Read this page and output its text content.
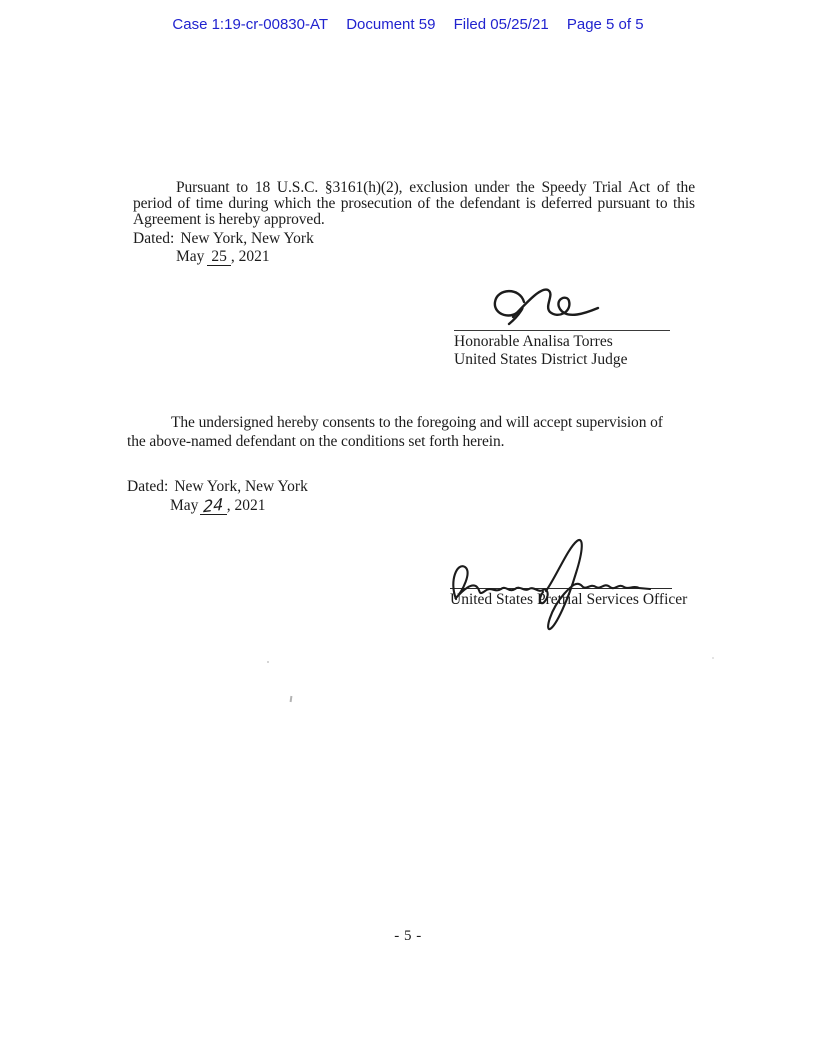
Case 1:19-cr-00830-AT Document 59 Filed 05/25/21 Page 5 of 5

Pursuant to 18 U.S.C. §3161(h)(2), exclusion under the Speedy Trial Act of the period of time during which the prosecution of the defendant is deferred pursuant to this Agreement is hereby approved.

Dated: New York, New York
May 25 , 2021
Honorable Analisa Torres
United States District Judge

The undersigned hereby consents to the foregoing and will accept supervision of the above-named defendant on the conditions set forth herein.

Dated: New York, New York
May 24 , 2021
United States Pretrial Services Officer
- 5 -
